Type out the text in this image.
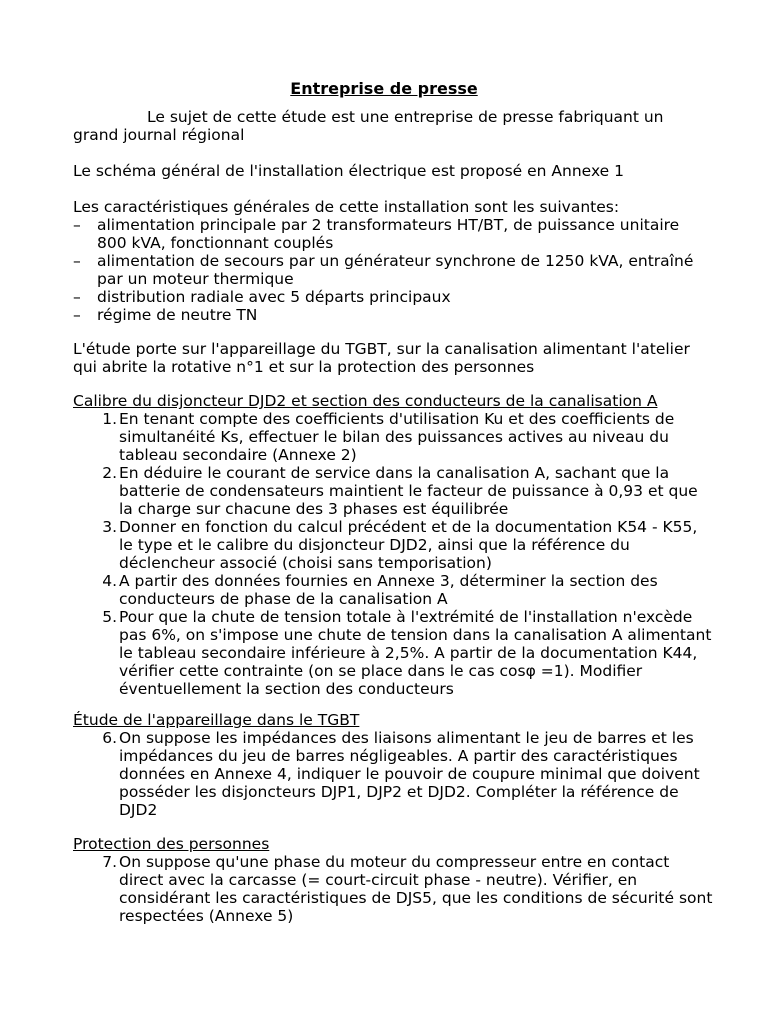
Entreprise de presse

Le sujet de cette étude est une entreprise de presse fabriquant un grand journal régional

Le schéma général de l'installation électrique est proposé en Annexe 1

Les caractéristiques générales de cette installation sont les suivantes:

– alimentation principale par 2 transformateurs HT/BT, de puissance unitaire 800 kVA, fonctionnant couplés
– alimentation de secours par un générateur synchrone de 1250 kVA, entraîné par un moteur thermique
– distribution radiale avec 5 départs principaux
– régime de neutre TN

L'étude porte sur l'appareillage du TGBT, sur la canalisation alimentant l'atelier qui abrite la rotative n°1 et sur la protection des personnes

Calibre du disjoncteur DJD2 et section des conducteurs de la canalisation A
1. En tenant compte des coefficients d'utilisation Ku et des coefficients de simultanéité Ks, effectuer le bilan des puissances actives au niveau du tableau secondaire (Annexe 2)
2. En déduire le courant de service dans la canalisation A, sachant que la batterie de condensateurs maintient le facteur de puissance à 0,93 et que la charge sur chacune des 3 phases est équilibrée
3. Donner en fonction du calcul précédent et de la documentation K54 - K55, le type et le calibre du disjoncteur DJD2, ainsi que la référence du déclencheur associé (choisi sans temporisation)
4. A partir des données fournies en Annexe 3, déterminer la section des conducteurs de phase de la canalisation A
5. Pour que la chute de tension totale à l'extrémité de l'installation n'excède pas 6%, on s'impose une chute de tension dans la canalisation A alimentant le tableau secondaire inférieure à 2,5%. A partir de la documentation K44, vérifier cette contrainte (on se place dans le cas cosφ =1). Modifier éventuellement la section des conducteurs
Étude de l'appareillage dans le TGBT
6. On suppose les impédances des liaisons alimentant le jeu de barres et les impédances du jeu de barres négligeables. A partir des caractéristiques données en Annexe 4, indiquer le pouvoir de coupure minimal que doivent posséder les disjoncteurs DJP1, DJP2 et DJD2. Compléter la référence de DJD2
Protection des personnes
7. On suppose qu'une phase du moteur du compresseur entre en contact direct avec la carcasse (= court-circuit phase - neutre). Vérifier, en considérant les caractéristiques de DJS5, que les conditions de sécurité sont respectées (Annexe 5)
